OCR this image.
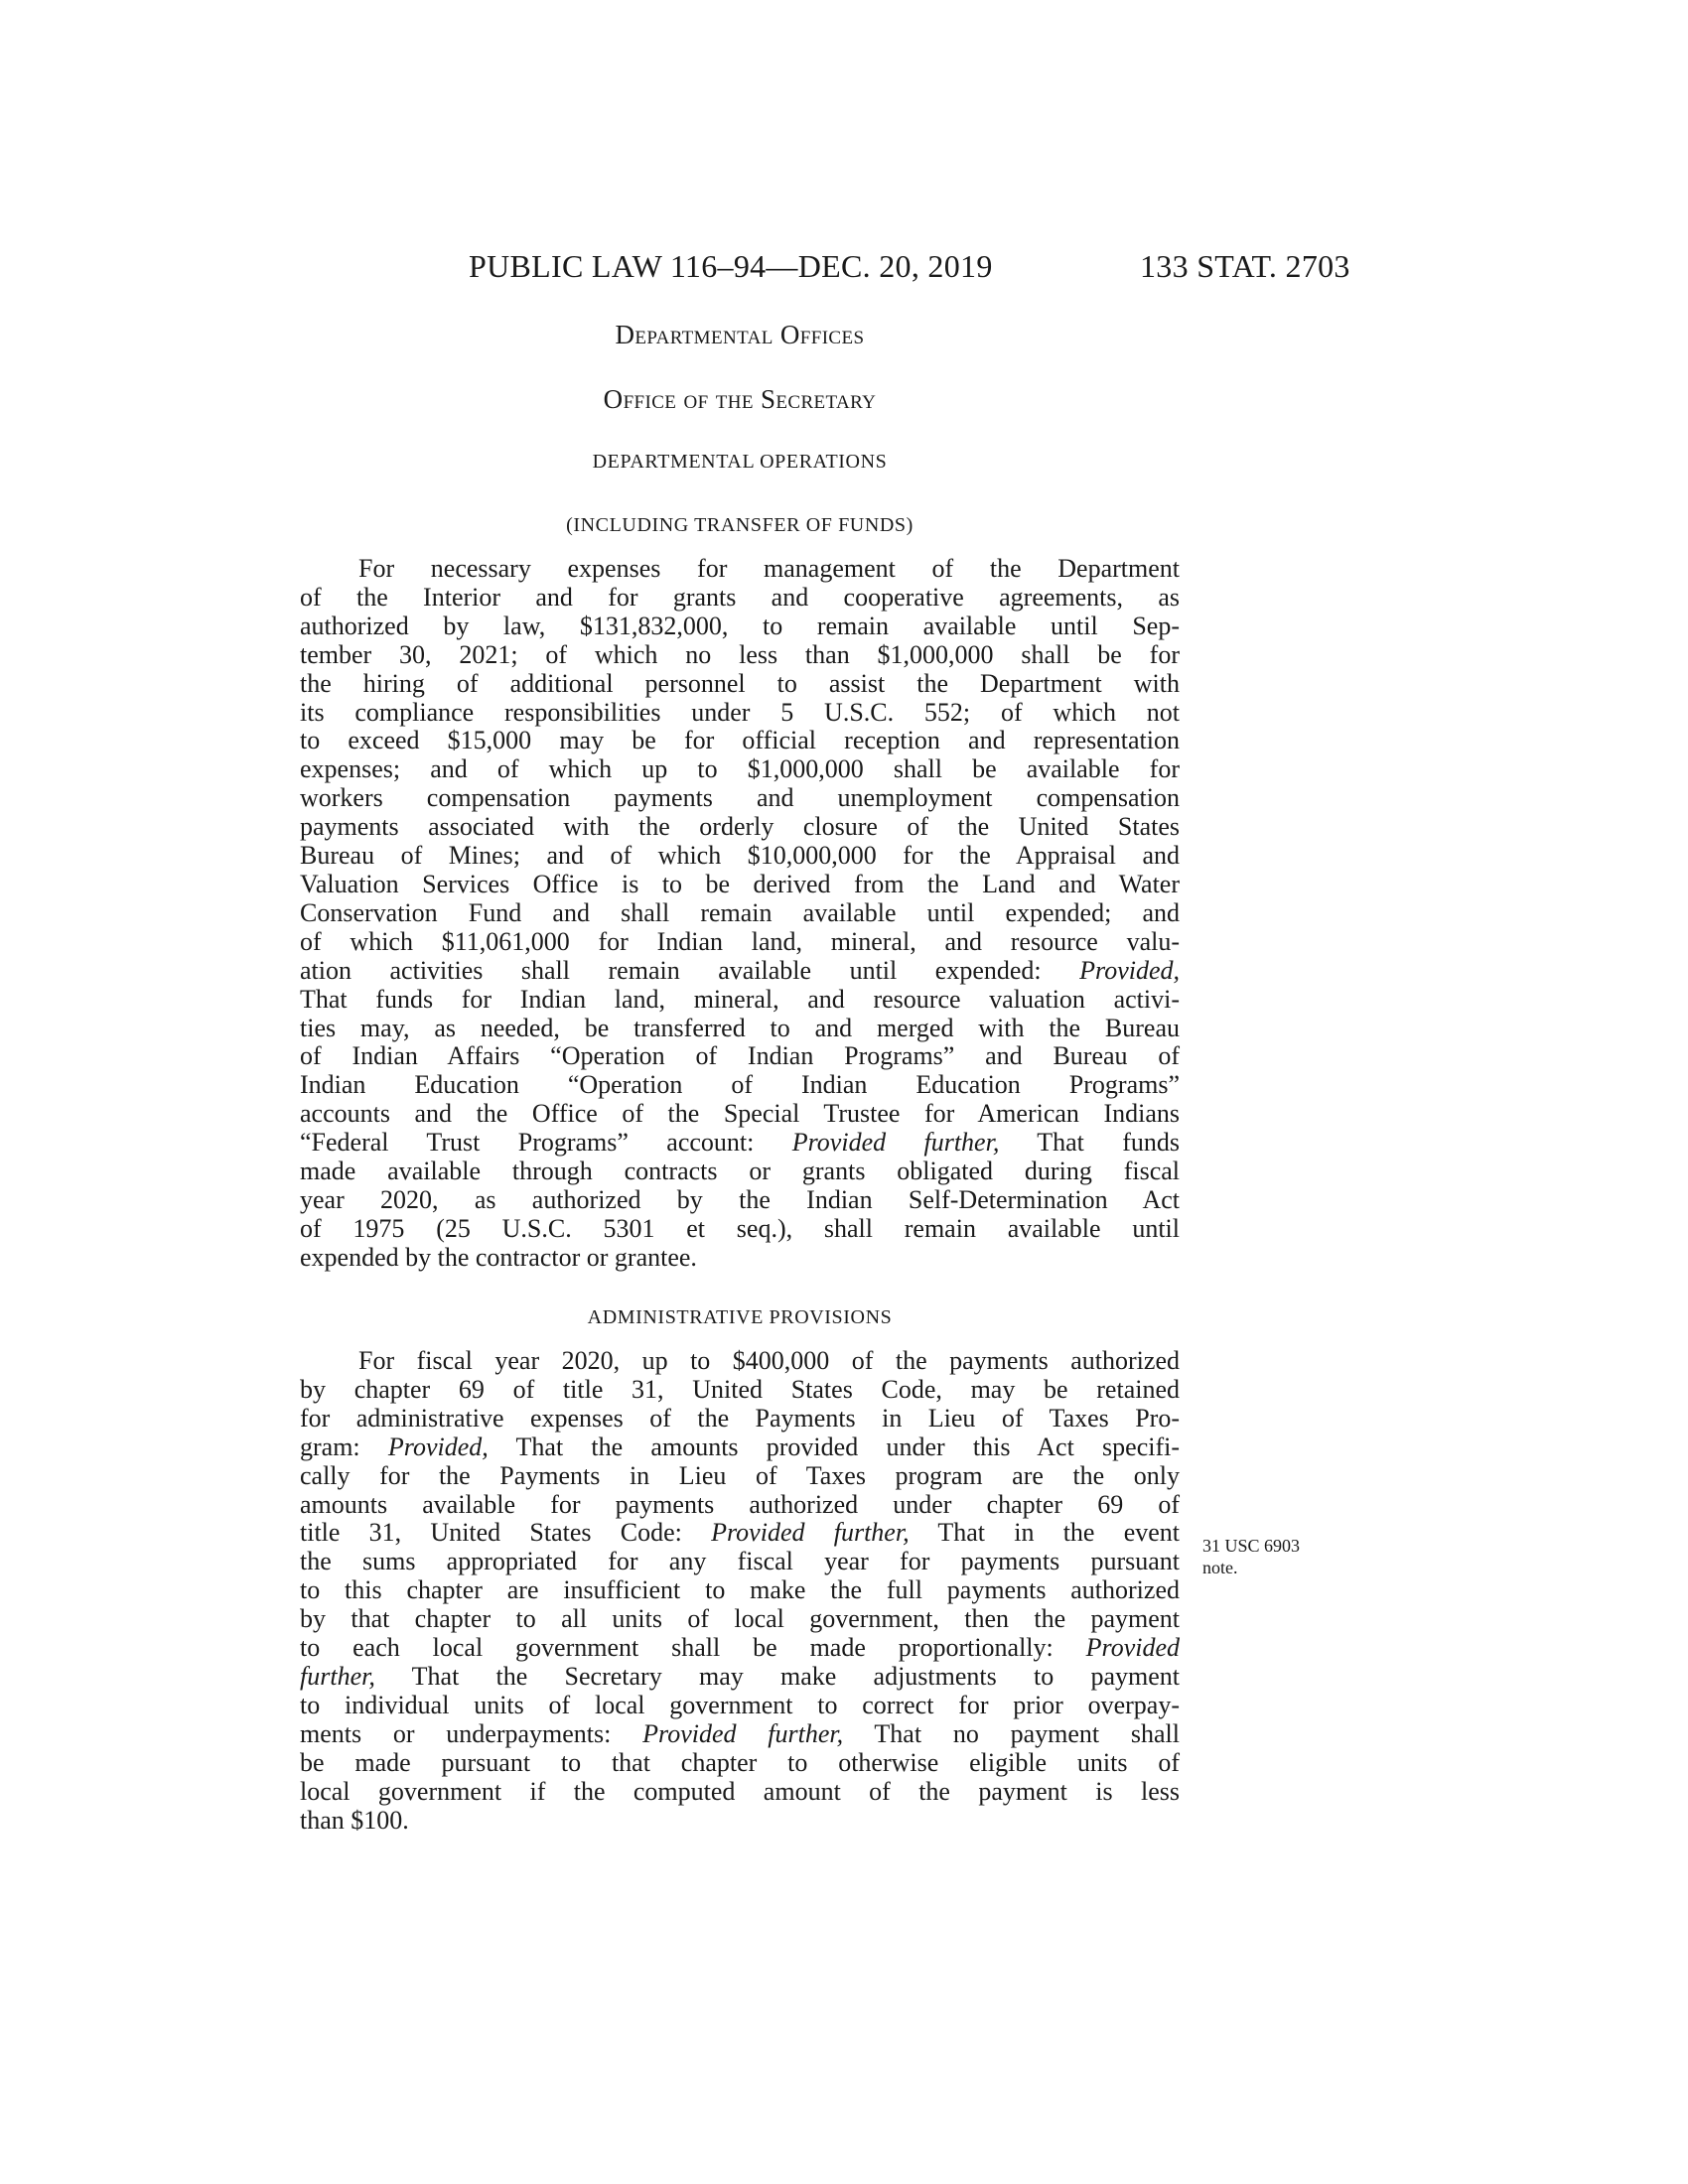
PUBLIC LAW 116–94—DEC. 20, 2019	133 STAT. 2703
Departmental Offices
Office of the Secretary
DEPARTMENTAL OPERATIONS
(INCLUDING TRANSFER OF FUNDS)
For necessary expenses for management of the Department
of the Interior and for grants and cooperative agreements, as
authorized by law, $131,832,000, to remain available until Sep-
tember 30, 2021; of which no less than $1,000,000 shall be for
the hiring of additional personnel to assist the Department with
its compliance responsibilities under 5 U.S.C. 552; of which not
to exceed $15,000 may be for official reception and representation
expenses; and of which up to $1,000,000 shall be available for
workers compensation payments and unemployment compensation
payments associated with the orderly closure of the United States
Bureau of Mines; and of which $10,000,000 for the Appraisal and
Valuation Services Office is to be derived from the Land and Water
Conservation Fund and shall remain available until expended; and
of which $11,061,000 for Indian land, mineral, and resource valu-
ation activities shall remain available until expended: Provided,
That funds for Indian land, mineral, and resource valuation activi-
ties may, as needed, be transferred to and merged with the Bureau
of Indian Affairs “Operation of Indian Programs” and Bureau of
Indian Education “Operation of Indian Education Programs”
accounts and the Office of the Special Trustee for American Indians
“Federal Trust Programs” account: Provided further, That funds
made available through contracts or grants obligated during fiscal
year 2020, as authorized by the Indian Self-Determination Act
of 1975 (25 U.S.C. 5301 et seq.), shall remain available until
expended by the contractor or grantee.
ADMINISTRATIVE PROVISIONS
For fiscal year 2020, up to $400,000 of the payments authorized
by chapter 69 of title 31, United States Code, may be retained
for administrative expenses of the Payments in Lieu of Taxes Pro-
gram: Provided, That the amounts provided under this Act specifi-
cally for the Payments in Lieu of Taxes program are the only
amounts available for payments authorized under chapter 69 of
title 31, United States Code: Provided further, That in the event
the sums appropriated for any fiscal year for payments pursuant
to this chapter are insufficient to make the full payments authorized
by that chapter to all units of local government, then the payment
to each local government shall be made proportionally: Provided
further, That the Secretary may make adjustments to payment
to individual units of local government to correct for prior overpay-
ments or underpayments: Provided further, That no payment shall
be made pursuant to that chapter to otherwise eligible units of
local government if the computed amount of the payment is less
than $100.
31 USC 6903
note.
